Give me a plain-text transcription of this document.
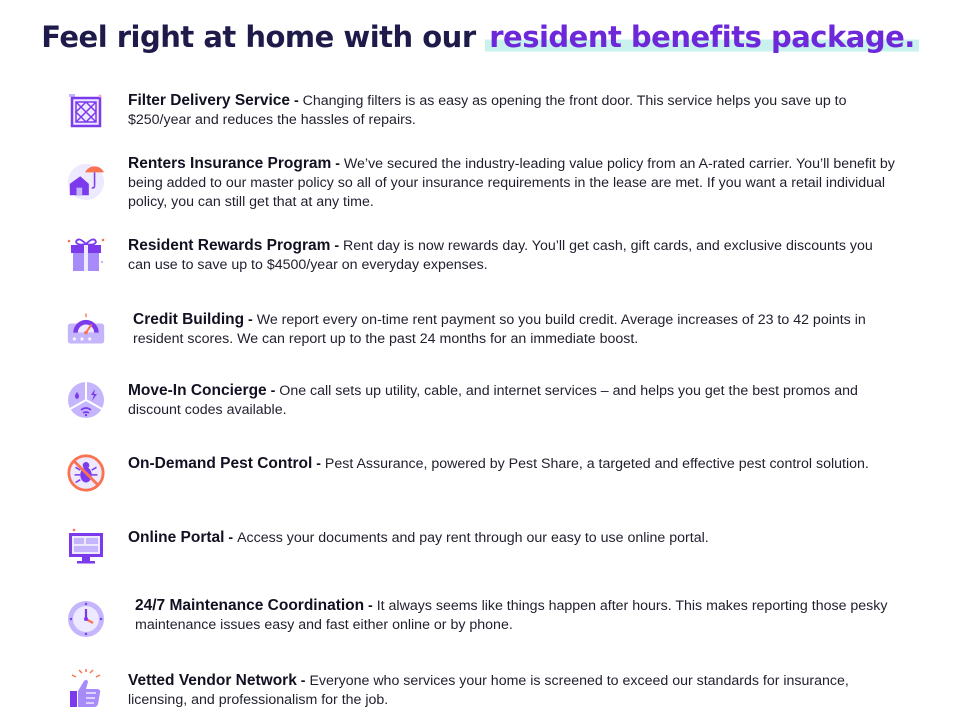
Feel right at home with our resident benefits package.
Filter Delivery Service - Changing filters is as easy as opening the front door. This service helps you save up to $250/year and reduces the hassles of repairs.
Renters Insurance Program - We’ve secured the industry-leading value policy from an A-rated carrier. You’ll benefit by being added to our master policy so all of your insurance requirements in the lease are met. If you want a retail individual policy, you can still get that at any time.
Resident Rewards Program - Rent day is now rewards day. You’ll get cash, gift cards, and exclusive discounts you can use to save up to $4500/year on everyday expenses.
★ ★ ★
Credit Building - We report every on-time rent payment so you build credit. Average increases of 23 to 42 points in resident scores. We can report up to the past 24 months for an immediate boost.
Move-In Concierge - One call sets up utility, cable, and internet services – and helps you get the best promos and discount codes available.
On-Demand Pest Control - Pest Assurance, powered by Pest Share, a targeted and effective pest control solution.
Online Portal - Access your documents and pay rent through our easy to use online portal.
24/7 Maintenance Coordination - It always seems like things happen after hours. This makes reporting those pesky maintenance issues easy and fast either online or by phone.
Vetted Vendor Network - Everyone who services your home is screened to exceed our standards for insurance, licensing, and professionalism for the job.
